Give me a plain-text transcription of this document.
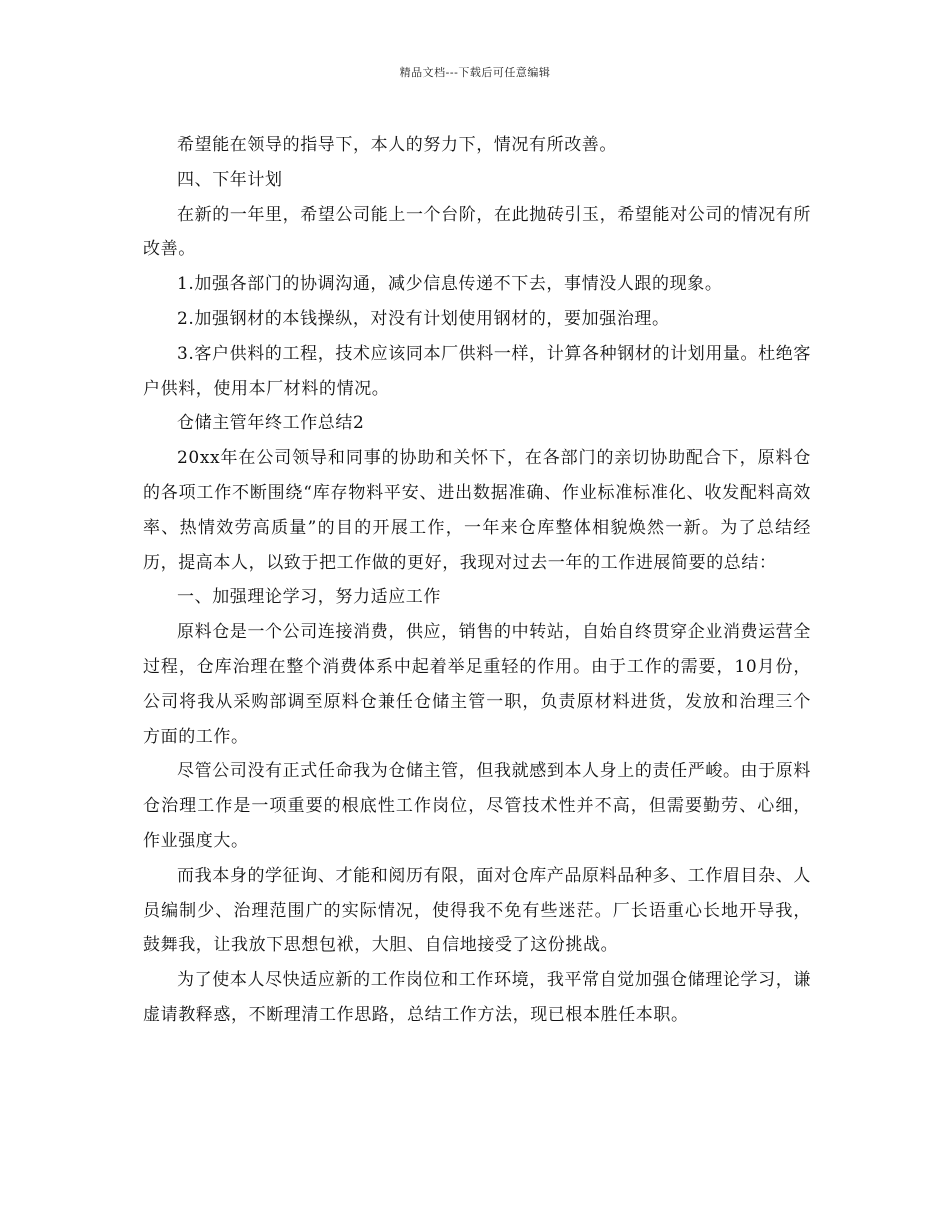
精品文档---下载后可任意编辑

希望能在领导的指导下，本人的努力下，情况有所改善。

四、下年计划

在新的一年里，希望公司能上一个台阶，在此抛砖引玉，希望能对公司的情况有所改善。

1.加强各部门的协调沟通，减少信息传递不下去，事情没人跟的现象。

2.加强钢材的本钱操纵，对没有计划使用钢材的，要加强治理。

3.客户供料的工程，技术应该同本厂供料一样，计算各种钢材的计划用量。杜绝客户供料，使用本厂材料的情况。

仓储主管年终工作总结2

20xx年在公司领导和同事的协助和关怀下，在各部门的亲切协助配合下，原料仓的各项工作不断围绕“库存物料平安、进出数据准确、作业标准标准化、收发配料高效率、热情效劳高质量”的目的开展工作，一年来仓库整体相貌焕然一新。为了总结经历，提高本人，以致于把工作做的更好，我现对过去一年的工作进展简要的总结：

一、加强理论学习，努力适应工作

原料仓是一个公司连接消费，供应，销售的中转站，自始自终贯穿企业消费运营全过程，仓库治理在整个消费体系中起着举足重轻的作用。由于工作的需要，10月份，公司将我从采购部调至原料仓兼任仓储主管一职，负责原材料进货，发放和治理三个方面的工作。

尽管公司没有正式任命我为仓储主管，但我就感到本人身上的责任严峻。由于原料仓治理工作是一项重要的根底性工作岗位，尽管技术性并不高，但需要勤劳、心细，作业强度大。

而我本身的学征询、才能和阅历有限，面对仓库产品原料品种多、工作眉目杂、人员编制少、治理范围广的实际情况，使得我不免有些迷茫。厂长语重心长地开导我，鼓舞我，让我放下思想包袱，大胆、自信地接受了这份挑战。

为了使本人尽快适应新的工作岗位和工作环境，我平常自觉加强仓储理论学习，谦虚请教释惑，不断理清工作思路，总结工作方法，现已根本胜任本职。
